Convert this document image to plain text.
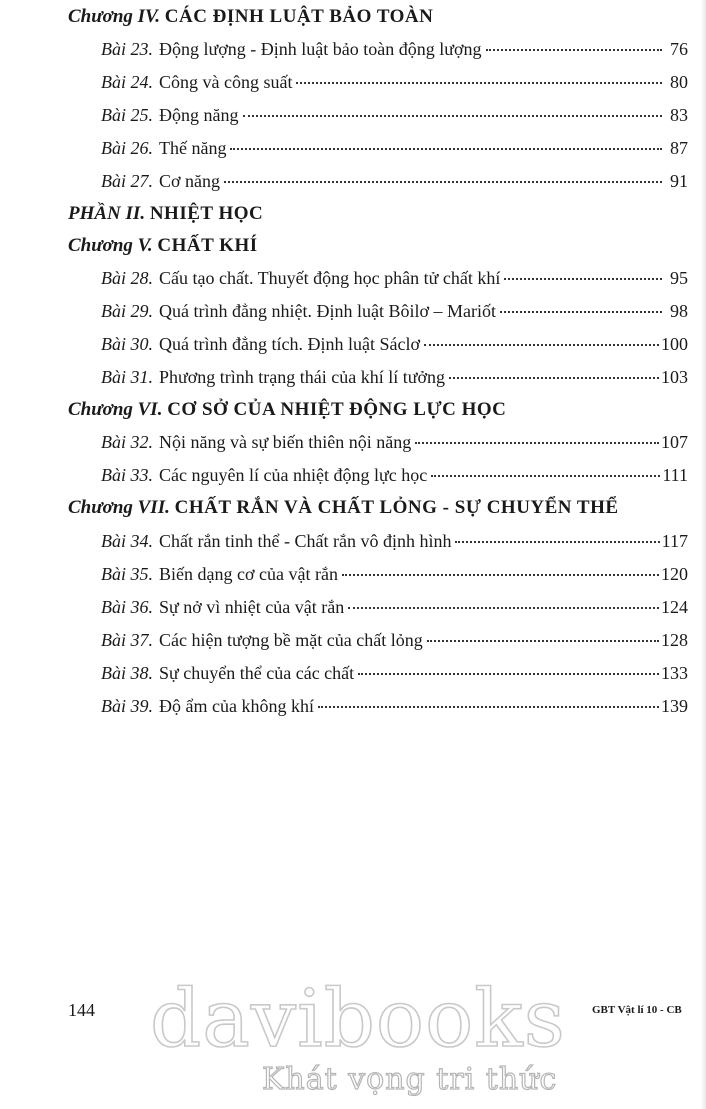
Chương IV. CÁC ĐỊNH LUẬT BẢO TOÀN
Bài 23. Động lượng - Định luật bảo toàn động lượng	76
Bài 24. Công và công suất	80
Bài 25. Động năng	83
Bài 26. Thế năng	87
Bài 27. Cơ năng	91
PHẦN II. NHIỆT HỌC
Chương V. CHẤT KHÍ
Bài 28. Cấu tạo chất. Thuyết động học phân tử chất khí	95
Bài 29. Quá trình đẳng nhiệt. Định luật Bôilơ – Mariốt	98
Bài 30. Quá trình đẳng tích. Định luật Sáclơ	100
Bài 31. Phương trình trạng thái của khí lí tưởng	103
Chương VI. CƠ SỞ CỦA NHIỆT ĐỘNG LỰC HỌC
Bài 32. Nội năng và sự biến thiên nội năng	107
Bài 33. Các nguyên lí của nhiệt động lực học	111
Chương VII. CHẤT RẮN VÀ CHẤT LỎNG - SỰ CHUYỂN THỂ
Bài 34. Chất rắn tinh thể - Chất rắn vô định hình	117
Bài 35. Biến dạng cơ của vật rắn	120
Bài 36. Sự nở vì nhiệt của vật rắn	124
Bài 37. Các hiện tượng bề mặt của chất lỏng	128
Bài 38. Sự chuyển thể của các chất	133
Bài 39. Độ ẩm của không khí	139
144	GBT Vật lí 10 - CB
davibooks
Khát vọng tri thức
